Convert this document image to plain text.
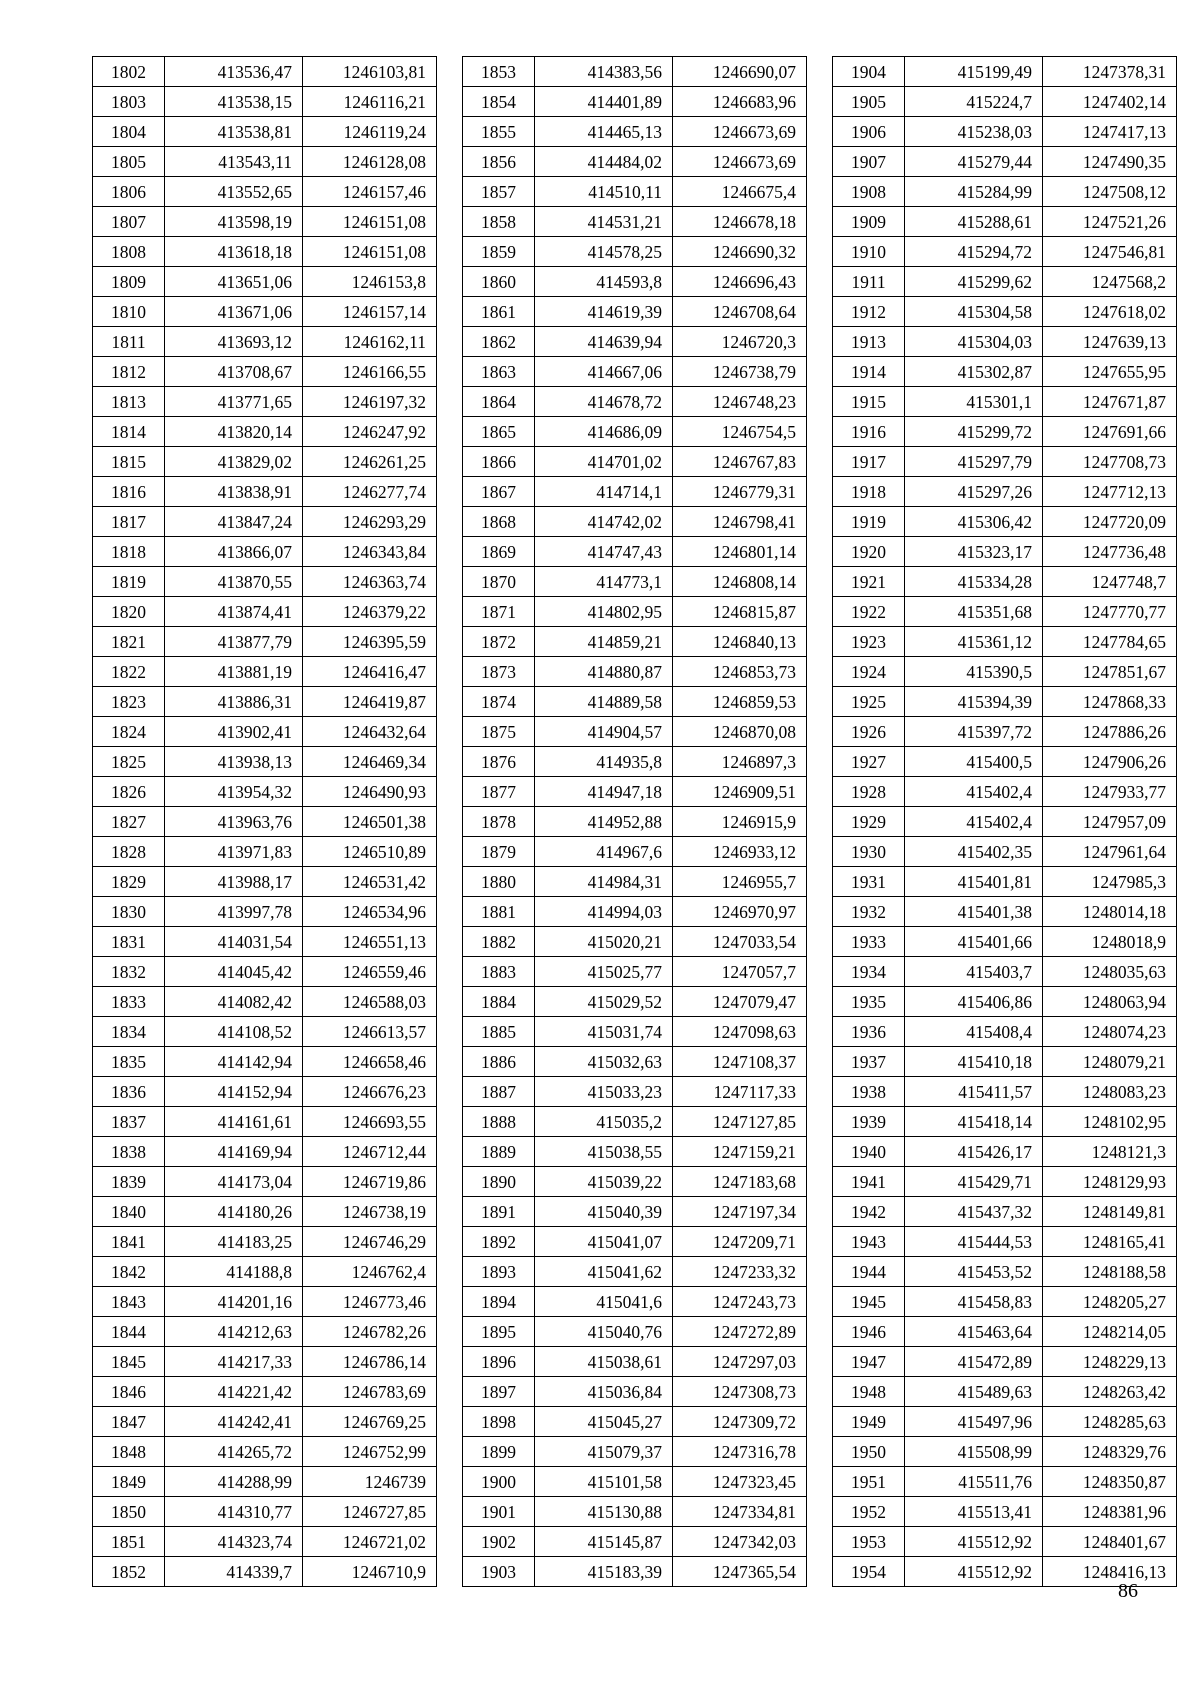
1802	413536,47	1246103,81
1803	413538,15	1246116,21
1804	413538,81	1246119,24
1805	413543,11	1246128,08
1806	413552,65	1246157,46
1807	413598,19	1246151,08
1808	413618,18	1246151,08
1809	413651,06	1246153,8
1810	413671,06	1246157,14
1811	413693,12	1246162,11
1812	413708,67	1246166,55
1813	413771,65	1246197,32
1814	413820,14	1246247,92
1815	413829,02	1246261,25
1816	413838,91	1246277,74
1817	413847,24	1246293,29
1818	413866,07	1246343,84
1819	413870,55	1246363,74
1820	413874,41	1246379,22
1821	413877,79	1246395,59
1822	413881,19	1246416,47
1823	413886,31	1246419,87
1824	413902,41	1246432,64
1825	413938,13	1246469,34
1826	413954,32	1246490,93
1827	413963,76	1246501,38
1828	413971,83	1246510,89
1829	413988,17	1246531,42
1830	413997,78	1246534,96
1831	414031,54	1246551,13
1832	414045,42	1246559,46
1833	414082,42	1246588,03
1834	414108,52	1246613,57
1835	414142,94	1246658,46
1836	414152,94	1246676,23
1837	414161,61	1246693,55
1838	414169,94	1246712,44
1839	414173,04	1246719,86
1840	414180,26	1246738,19
1841	414183,25	1246746,29
1842	414188,8	1246762,4
1843	414201,16	1246773,46
1844	414212,63	1246782,26
1845	414217,33	1246786,14
1846	414221,42	1246783,69
1847	414242,41	1246769,25
1848	414265,72	1246752,99
1849	414288,99	1246739
1850	414310,77	1246727,85
1851	414323,74	1246721,02
1852	414339,7	1246710,9
1853	414383,56	1246690,07
1854	414401,89	1246683,96
1855	414465,13	1246673,69
1856	414484,02	1246673,69
1857	414510,11	1246675,4
1858	414531,21	1246678,18
1859	414578,25	1246690,32
1860	414593,8	1246696,43
1861	414619,39	1246708,64
1862	414639,94	1246720,3
1863	414667,06	1246738,79
1864	414678,72	1246748,23
1865	414686,09	1246754,5
1866	414701,02	1246767,83
1867	414714,1	1246779,31
1868	414742,02	1246798,41
1869	414747,43	1246801,14
1870	414773,1	1246808,14
1871	414802,95	1246815,87
1872	414859,21	1246840,13
1873	414880,87	1246853,73
1874	414889,58	1246859,53
1875	414904,57	1246870,08
1876	414935,8	1246897,3
1877	414947,18	1246909,51
1878	414952,88	1246915,9
1879	414967,6	1246933,12
1880	414984,31	1246955,7
1881	414994,03	1246970,97
1882	415020,21	1247033,54
1883	415025,77	1247057,7
1884	415029,52	1247079,47
1885	415031,74	1247098,63
1886	415032,63	1247108,37
1887	415033,23	1247117,33
1888	415035,2	1247127,85
1889	415038,55	1247159,21
1890	415039,22	1247183,68
1891	415040,39	1247197,34
1892	415041,07	1247209,71
1893	415041,62	1247233,32
1894	415041,6	1247243,73
1895	415040,76	1247272,89
1896	415038,61	1247297,03
1897	415036,84	1247308,73
1898	415045,27	1247309,72
1899	415079,37	1247316,78
1900	415101,58	1247323,45
1901	415130,88	1247334,81
1902	415145,87	1247342,03
1903	415183,39	1247365,54
1904	415199,49	1247378,31
1905	415224,7	1247402,14
1906	415238,03	1247417,13
1907	415279,44	1247490,35
1908	415284,99	1247508,12
1909	415288,61	1247521,26
1910	415294,72	1247546,81
1911	415299,62	1247568,2
1912	415304,58	1247618,02
1913	415304,03	1247639,13
1914	415302,87	1247655,95
1915	415301,1	1247671,87
1916	415299,72	1247691,66
1917	415297,79	1247708,73
1918	415297,26	1247712,13
1919	415306,42	1247720,09
1920	415323,17	1247736,48
1921	415334,28	1247748,7
1922	415351,68	1247770,77
1923	415361,12	1247784,65
1924	415390,5	1247851,67
1925	415394,39	1247868,33
1926	415397,72	1247886,26
1927	415400,5	1247906,26
1928	415402,4	1247933,77
1929	415402,4	1247957,09
1930	415402,35	1247961,64
1931	415401,81	1247985,3
1932	415401,38	1248014,18
1933	415401,66	1248018,9
1934	415403,7	1248035,63
1935	415406,86	1248063,94
1936	415408,4	1248074,23
1937	415410,18	1248079,21
1938	415411,57	1248083,23
1939	415418,14	1248102,95
1940	415426,17	1248121,3
1941	415429,71	1248129,93
1942	415437,32	1248149,81
1943	415444,53	1248165,41
1944	415453,52	1248188,58
1945	415458,83	1248205,27
1946	415463,64	1248214,05
1947	415472,89	1248229,13
1948	415489,63	1248263,42
1949	415497,96	1248285,63
1950	415508,99	1248329,76
1951	415511,76	1248350,87
1952	415513,41	1248381,96
1953	415512,92	1248401,67
1954	415512,92	1248416,13
86
